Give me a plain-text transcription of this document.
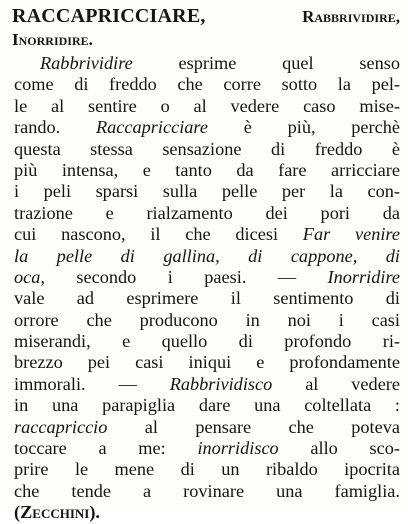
RACCAPRICCIARE,	Rabbrividire,
Inorridire.
Rabbrividire esprime quel senso
come di freddo che corre sotto la pel-
le al sentire o al vedere caso mise-
rando. Raccapricciare è più, perchè
questa stessa sensazione di freddo è
più intensa, e tanto da fare arricciare
i peli sparsi sulla pelle per la con-
trazione e rialzamento dei pori da
cui nascono, il che dicesi Far venire
la pelle di gallina, di cappone, di
oca, secondo i paesi. — Inorridire
vale ad esprimere il sentimento di
orrore che producono in noi i casi
miserandi, e quello di profondo ri-
brezzo pei casi iniqui e profondamente
immorali. — Rabbrividisco al vedere
in una parapiglia dare una coltellata :
raccapriccio al pensare che poteva
toccare a me: inorridisco allo sco-
prire le mene di un ribaldo ipocrita
che tende a rovinare una famiglia.
(Zecchini).
